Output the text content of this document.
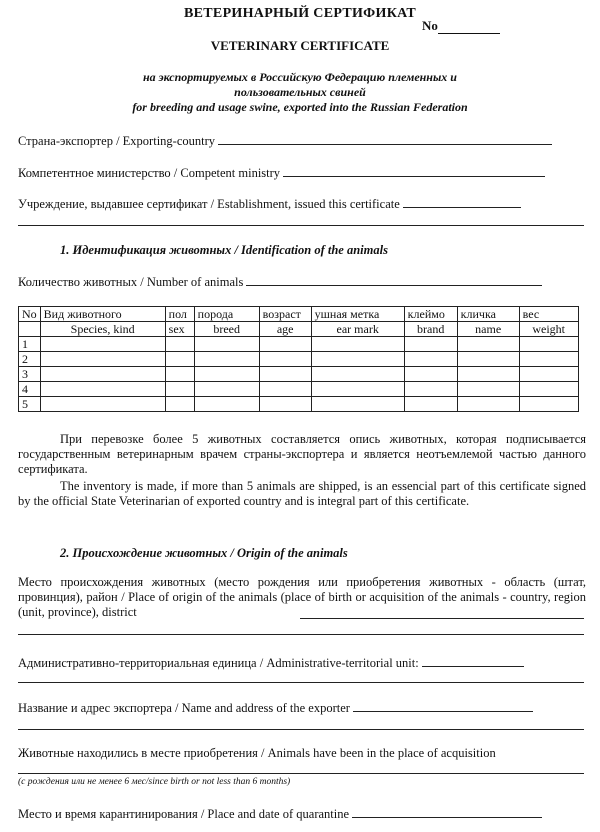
ВЕТЕРИНАРНЫЙ СЕРТИФИКАТ
No
VETERINARY CERTIFICATE
на экспортируемых в Российскую Федерацию племенных и
пользовательных свиней
for breeding and usage swine, exported into the Russian Federation
Страна-экспортер / Exporting-country
Компетентное министерство / Competent ministry
Учреждение, выдавшее сертификат / Establishment, issued this certificate
1. Идентификация животных / Identification of the animals
Количество животных / Number of animals
No	Вид животного	пол	порода	возраст	ушная метка	клеймо	кличка	вес
	Species, kind	sex	breed	age	ear mark	brand	name	weight
1								
2								
3								
4								
5								
При перевозке более 5 животных составляется опись животных, которая подписывается государственным ветеринарным врачем страны-экспортера и является неотъемлемой частью данного сертификата.
The inventory is made, if more than 5 animals are shipped, is an essencial part of this certificate signed by the official State Veterinarian of exported country and is integral part of this certificate.
2. Происхождение животных / Origin of the animals
Место происхождения животных (место рождения или приобретения животных - область (штат, провинция), район / Place of origin of the animals (place of birth or acquisition of the animals - country, region (unit, province), district
Административно-территориальная единица / Administrative-territorial unit:
Название и адрес экспортера / Name and address of the exporter
Животные находились в месте приобретения / Animals have been in the place of acquisition
(с рождения или не менее 6 мес/since birth or not less than 6 months)
Место и время карантинирования / Place and date of quarantine
